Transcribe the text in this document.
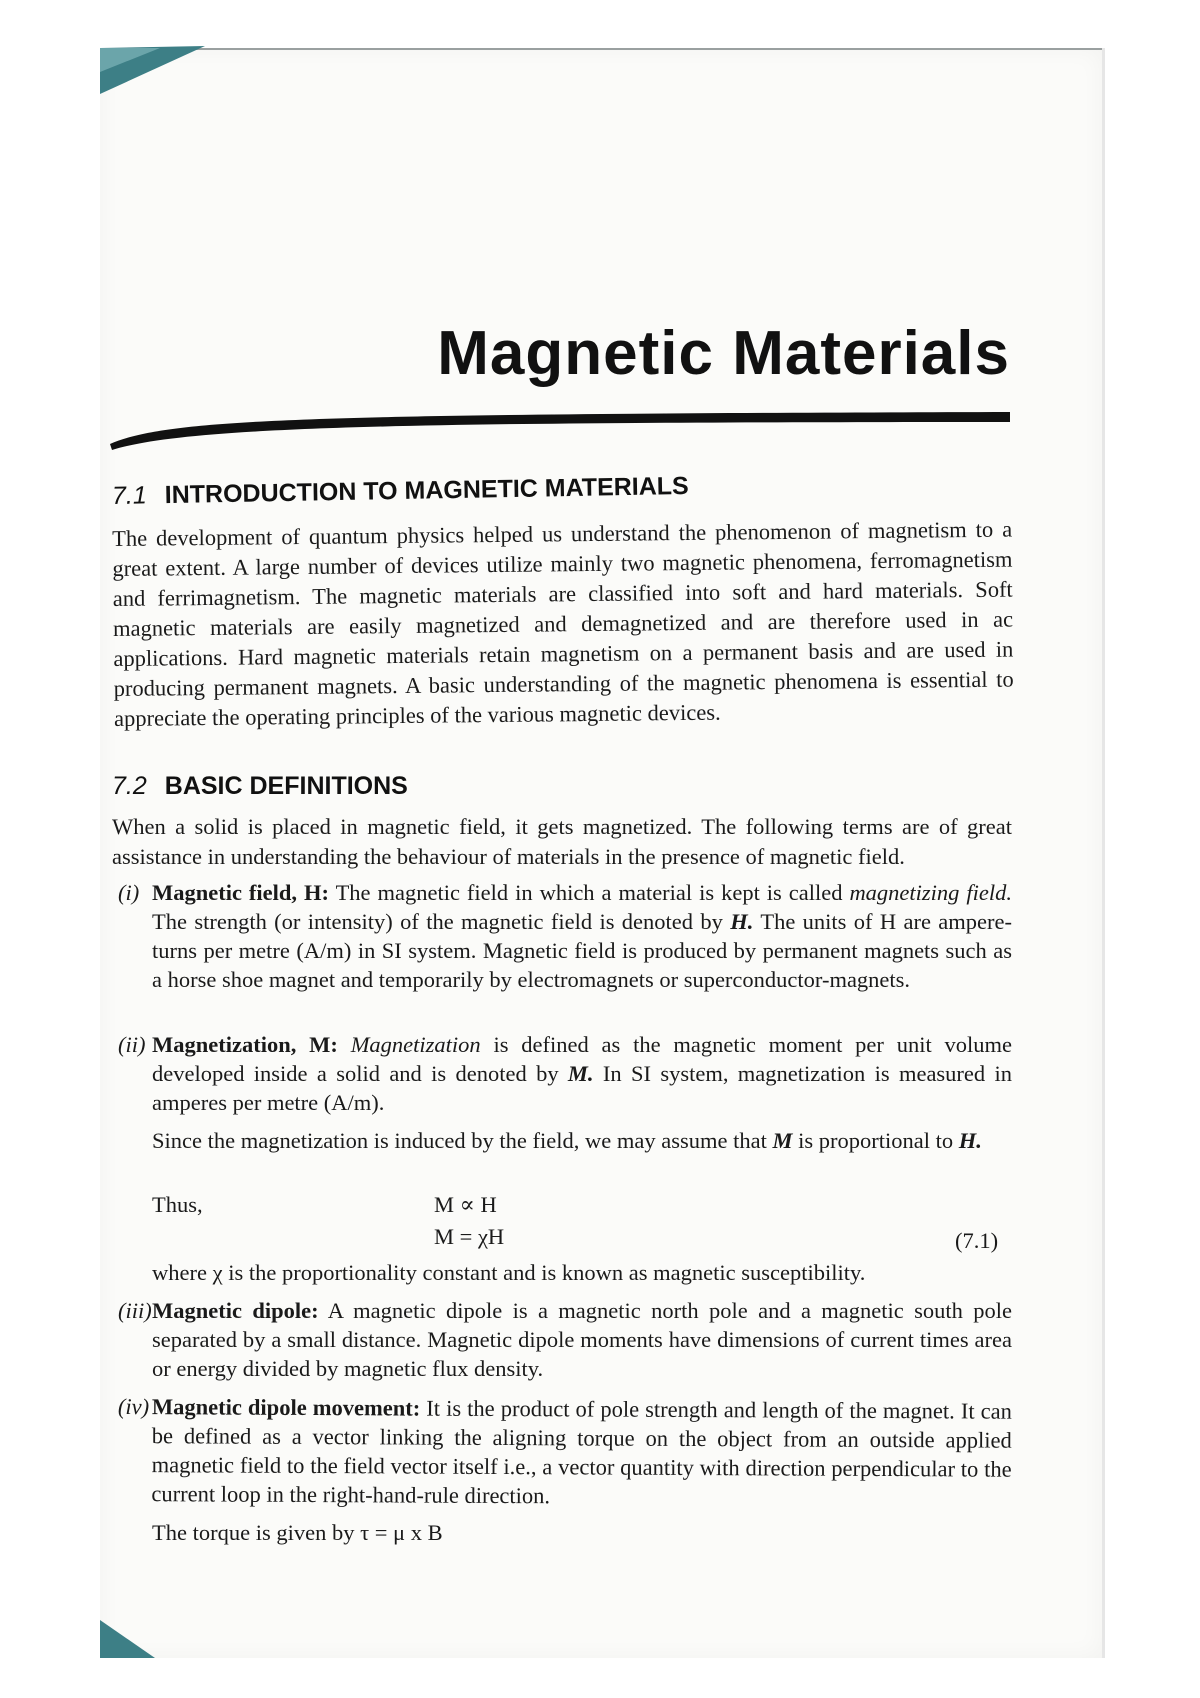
Magnetic Materials
7.1 INTRODUCTION TO MAGNETIC MATERIALS

The development of quantum physics helped us understand the phenomenon of magnetism to a great extent. A large number of devices utilize mainly two magnetic phenomena, ferromagnetism and ferrimagnetism. The magnetic materials are classified into soft and hard materials. Soft magnetic materials are easily magnetized and demagnetized and are therefore used in ac applications. Hard magnetic materials retain magnetism on a permanent basis and are used in producing permanent magnets. A basic understanding of the magnetic phenomena is essential to appreciate the operating principles of the various magnetic devices.

7.2 BASIC DEFINITIONS

When a solid is placed in magnetic field, it gets magnetized. The following terms are of great assistance in understanding the behaviour of materials in the presence of magnetic field.

(i) Magnetic field, H: The magnetic field in which a material is kept is called magnetizing field. The strength (or intensity) of the magnetic field is denoted by H. The units of H are ampere-turns per metre (A/m) in SI system. Magnetic field is produced by permanent magnets such as a horse shoe magnet and temporarily by electromagnets or superconductor-magnets.

(ii) Magnetization, M: Magnetization is defined as the magnetic moment per unit volume developed inside a solid and is denoted by M. In SI system, magnetization is measured in amperes per metre (A/m).

Since the magnetization is induced by the field, we may assume that M is proportional to H.

Thus,	M ∝ H
M = χH	(7.1)

where χ is the proportionality constant and is known as magnetic susceptibility.

(iii) Magnetic dipole: A magnetic dipole is a magnetic north pole and a magnetic south pole separated by a small distance. Magnetic dipole moments have dimensions of current times area or energy divided by magnetic flux density.

(iv) Magnetic dipole movement: It is the product of pole strength and length of the magnet. It can be defined as a vector linking the aligning torque on the object from an outside applied magnetic field to the field vector itself i.e., a vector quantity with direction perpendicular to the current loop in the right-hand-rule direction.

The torque is given by τ = μ x B
